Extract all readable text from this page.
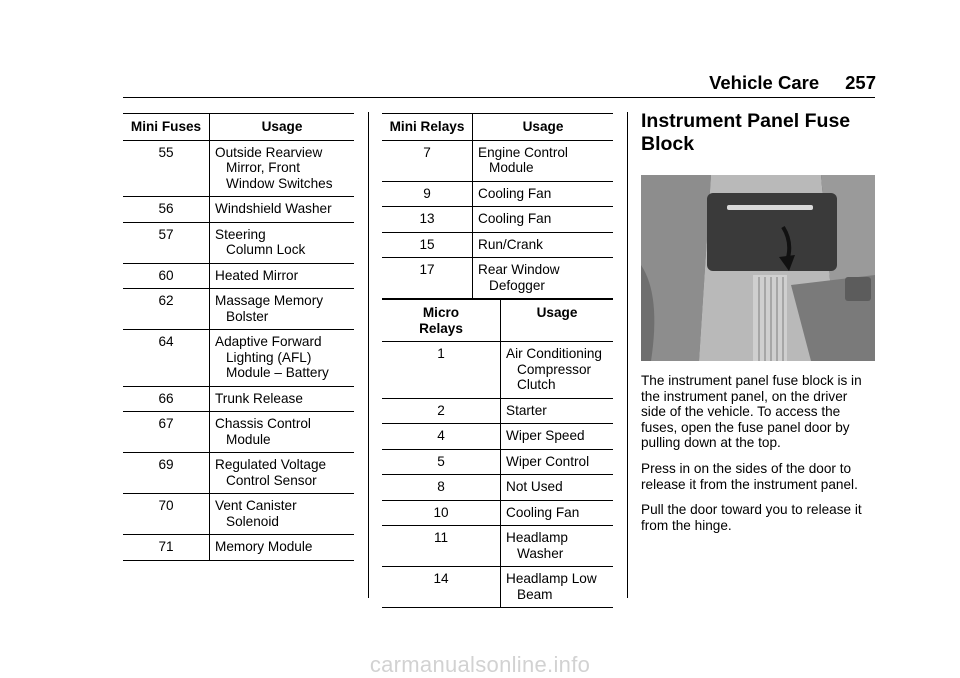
Vehicle Care 257
Mini Fuses	Usage
55	Outside Rearview Mirror, Front Window Switches

56	Windshield Washer

57	Steering Column Lock

60	Heated Mirror

62	Massage Memory Bolster

64	Adaptive Forward Lighting (AFL) Module – Battery

66	Trunk Release

67	Chassis Control Module

69	Regulated Voltage Control Sensor

70	Vent Canister Solenoid

71	Memory Module
Mini Relays	Usage
7	Engine Control Module

9	Cooling Fan

13	Cooling Fan

15	Run/Crank

17	Rear Window Defogger
Micro Relays	Usage
1	Air Conditioning Compressor Clutch

2	Starter

4	Wiper Speed

5	Wiper Control

8	Not Used

10	Cooling Fan

11	Headlamp Washer

14	Headlamp Low Beam
Instrument Panel Fuse Block

The instrument panel fuse block is in the instrument panel, on the driver side of the vehicle. To access the fuses, open the fuse panel door by pulling down at the top.

Press in on the sides of the door to release it from the instrument panel.

Pull the door toward you to release it from the hinge.

carmanualsonline.info
